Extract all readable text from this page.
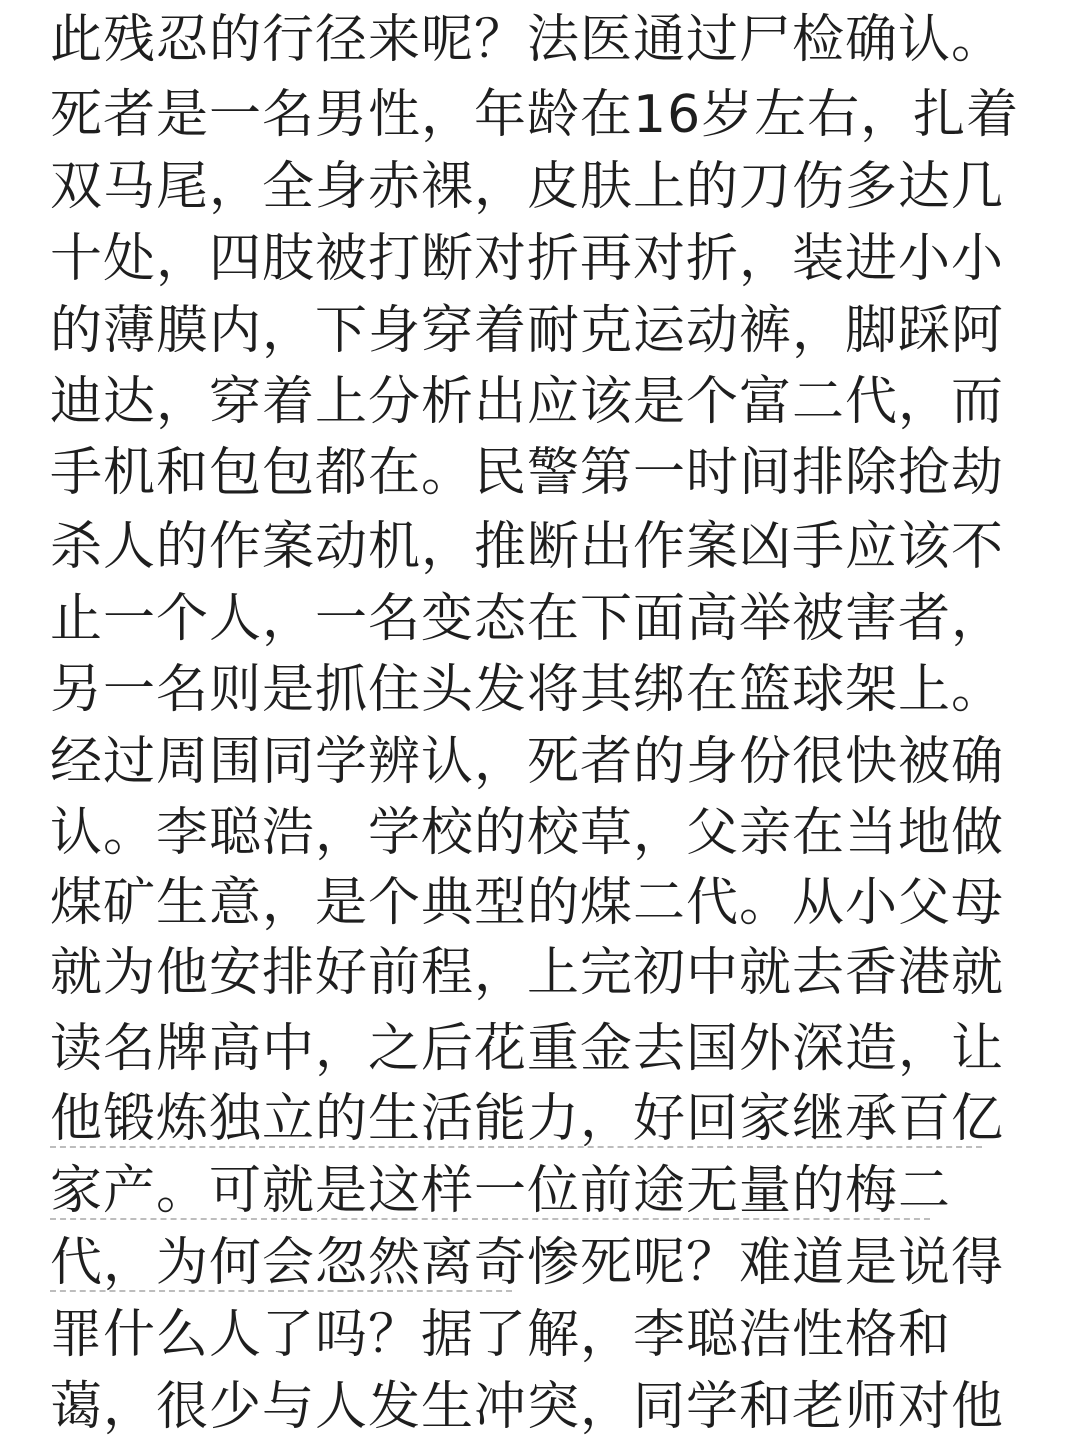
此残忍的行径来呢？法医通过尸检确认。
死者是一名男性，年龄在16岁左右，扎着
双马尾，全身赤裸，皮肤上的刀伤多达几
十处，四肢被打断对折再对折，装进小小
的薄膜内，下身穿着耐克运动裤，脚踩阿
迪达，穿着上分析出应该是个富二代，而
手机和包包都在。民警第一时间排除抢劫
杀人的作案动机，推断出作案凶手应该不
止一个人，一名变态在下面高举被害者，
另一名则是抓住头发将其绑在篮球架上。
经过周围同学辨认，死者的身份很快被确
认。李聪浩，学校的校草，父亲在当地做
煤矿生意，是个典型的煤二代。从小父母
就为他安排好前程，上完初中就去香港就
读名牌高中，之后花重金去国外深造，让
他锻炼独立的生活能力，好回家继承百亿
家产。可就是这样一位前途无量的梅二
代，为何会忽然离奇惨死呢？难道是说得
罪什么人了吗？据了解，李聪浩性格和
蔼，很少与人发生冲突，同学和老师对他
